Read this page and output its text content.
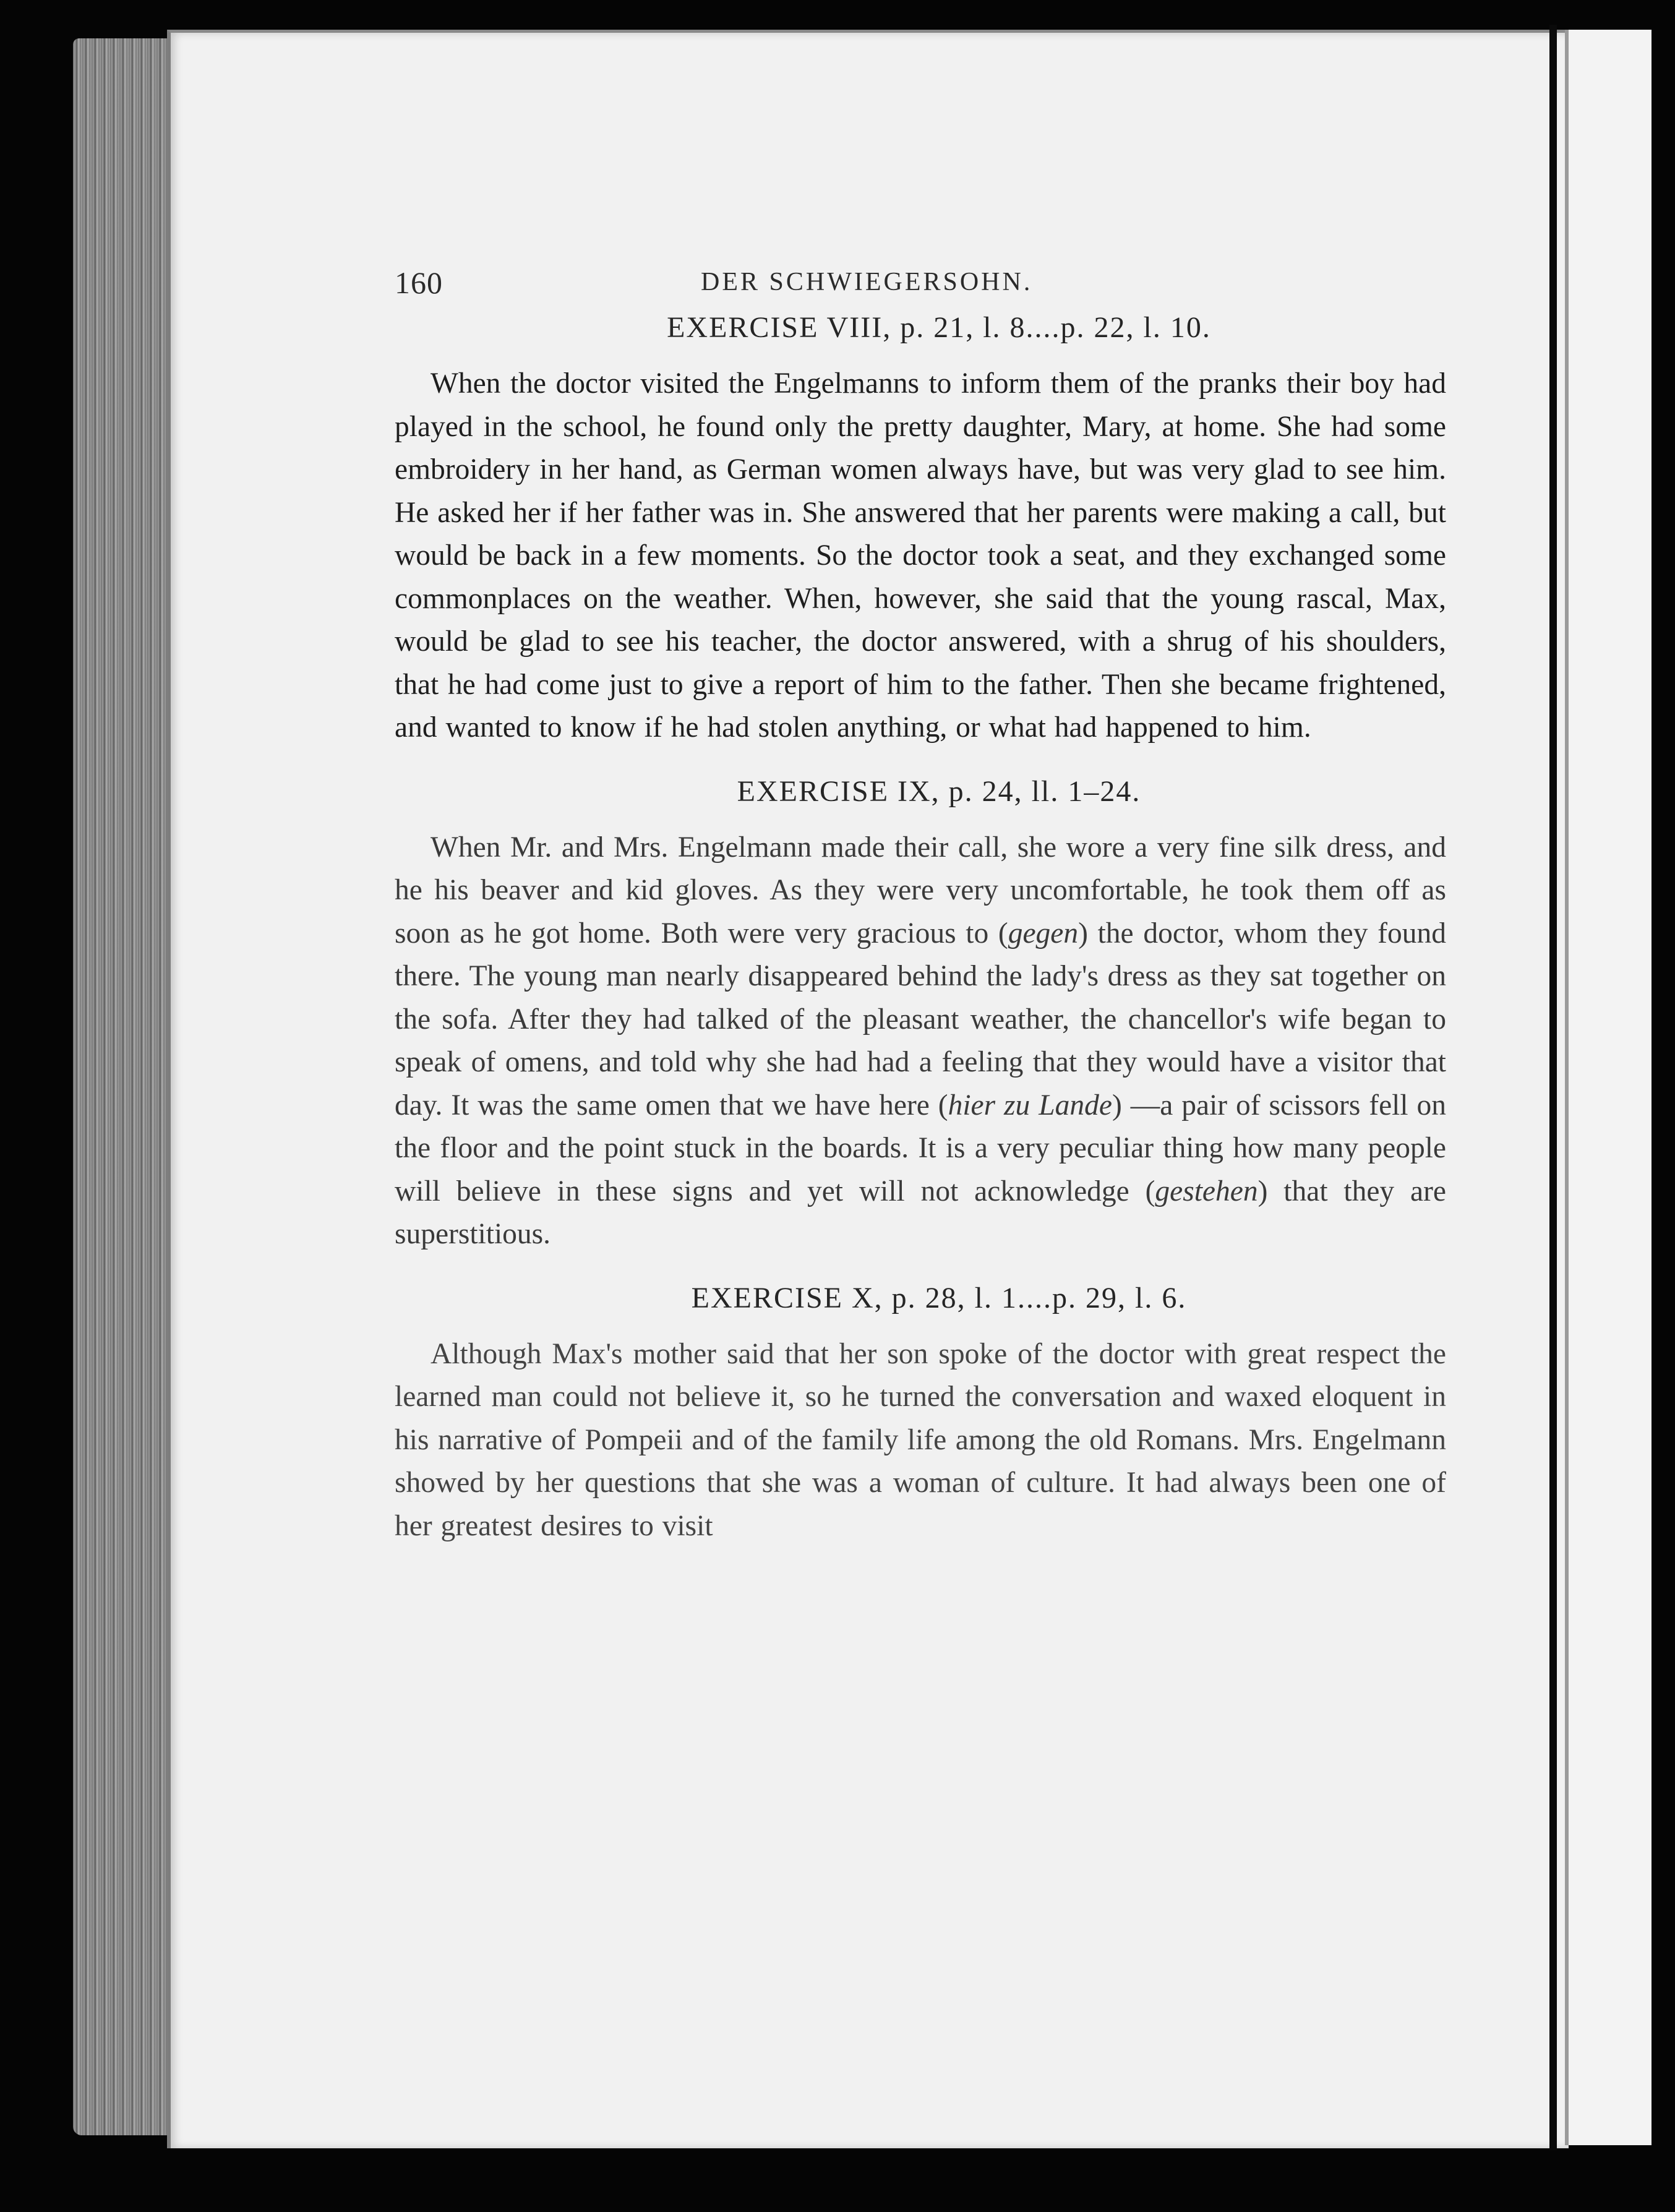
160	DER SCHWIEGERSOHN.
EXERCISE VIII, p. 21, l. 8....p. 22, l. 10.

When the doctor visited the Engelmanns to inform them of the pranks their boy had played in the school, he found only the pretty daughter, Mary, at home. She had some embroidery in her hand, as German women always have, but was very glad to see him. He asked her if her father was in. She answered that her parents were making a call, but would be back in a few moments. So the doctor took a seat, and they exchanged some commonplaces on the weather. When, however, she said that the young rascal, Max, would be glad to see his teacher, the doctor answered, with a shrug of his shoulders, that he had come just to give a report of him to the father. Then she became frightened, and wanted to know if he had stolen anything, or what had happened to him.

EXERCISE IX, p. 24, ll. 1–24.

When Mr. and Mrs. Engelmann made their call, she wore a very fine silk dress, and he his beaver and kid gloves. As they were very uncomfortable, he took them off as soon as he got home. Both were very gracious to (gegen) the doctor, whom they found there. The young man nearly disappeared behind the lady's dress as they sat together on the sofa. After they had talked of the pleasant weather, the chancellor's wife began to speak of omens, and told why she had had a feeling that they would have a visitor that day. It was the same omen that we have here (hier zu Lande) —a pair of scissors fell on the floor and the point stuck in the boards. It is a very peculiar thing how many people will believe in these signs and yet will not acknowledge (gestehen) that they are superstitious.

EXERCISE X, p. 28, l. 1....p. 29, l. 6.

Although Max's mother said that her son spoke of the doctor with great respect the learned man could not believe it, so he turned the conversation and waxed eloquent in his narrative of Pompeii and of the family life among the old Romans. Mrs. Engelmann showed by her questions that she was a woman of culture. It had always been one of her greatest desires to visit
